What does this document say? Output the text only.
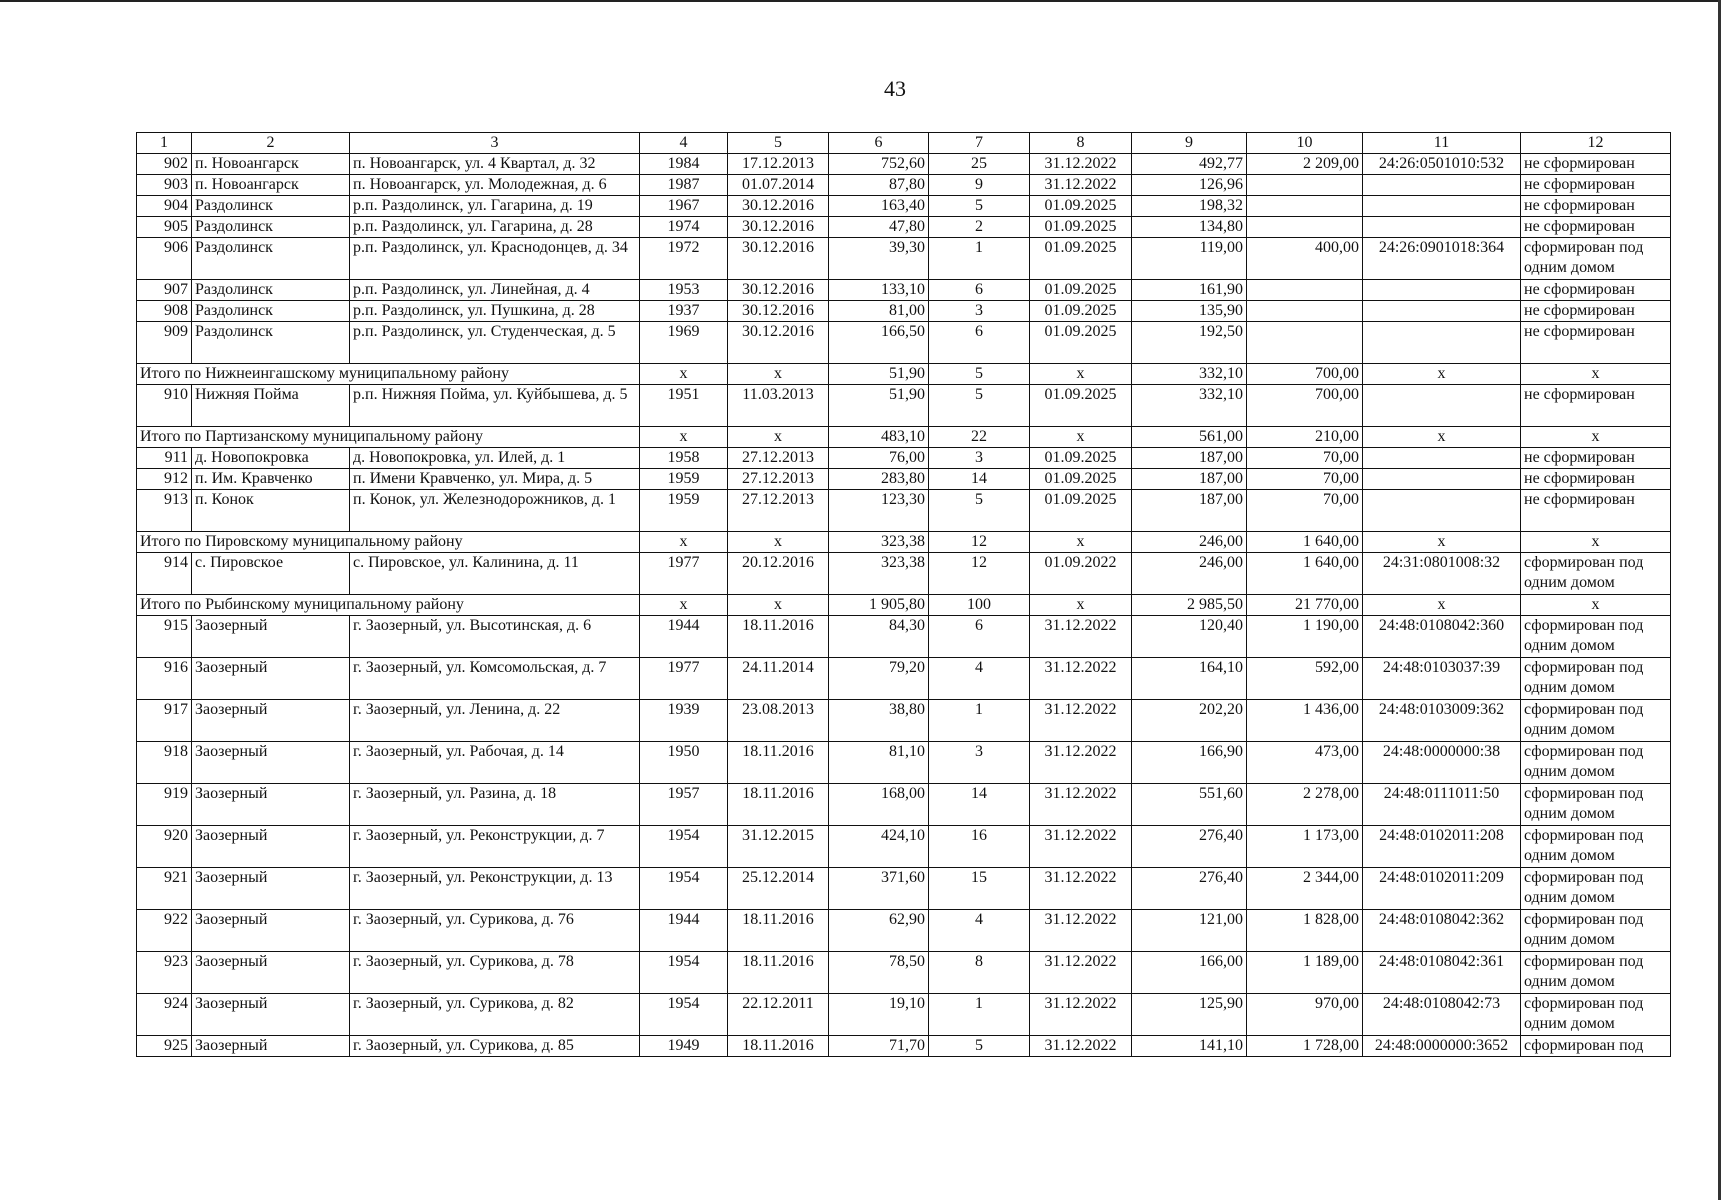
43
1	2	3	4	5	6	7	8	9	10	11	12
902	п. Новоангарск	п. Новоангарск, ул. 4 Квартал, д. 32	1984	17.12.2013	752,60	25	31.12.2022	492,77	2 209,00	24:26:0501010:532	не сформирован
903	п. Новоангарск	п. Новоангарск, ул. Молодежная, д. 6	1987	01.07.2014	87,80	9	31.12.2022	126,96			не сформирован
904	Раздолинск	р.п. Раздолинск, ул. Гагарина, д. 19	1967	30.12.2016	163,40	5	01.09.2025	198,32			не сформирован
905	Раздолинск	р.п. Раздолинск, ул. Гагарина, д. 28	1974	30.12.2016	47,80	2	01.09.2025	134,80			не сформирован
906	Раздолинск	р.п. Раздолинск, ул. Краснодонцев, д. 34	1972	30.12.2016	39,30	1	01.09.2025	119,00	400,00	24:26:0901018:364	сформирован под одним домом
907	Раздолинск	р.п. Раздолинск, ул. Линейная, д. 4	1953	30.12.2016	133,10	6	01.09.2025	161,90			не сформирован
908	Раздолинск	р.п. Раздолинск, ул. Пушкина, д. 28	1937	30.12.2016	81,00	3	01.09.2025	135,90			не сформирован
909	Раздолинск	р.п. Раздолинск, ул. Студенческая, д. 5	1969	30.12.2016	166,50	6	01.09.2025	192,50			не сформирован
Итого по Нижнеингашскому муниципальному району			x	x	51,90	5	x	332,10	700,00	x	x
910	Нижняя Пойма	р.п. Нижняя Пойма, ул. Куйбышева, д. 5	1951	11.03.2013	51,90	5	01.09.2025	332,10	700,00		не сформирован
Итого по Партизанскому муниципальному району			x	x	483,10	22	x	561,00	210,00	x	x
911	д. Новопокровка	д. Новопокровка, ул. Илей, д. 1	1958	27.12.2013	76,00	3	01.09.2025	187,00	70,00		не сформирован
912	п. Им. Кравченко	п. Имени Кравченко, ул. Мира, д. 5	1959	27.12.2013	283,80	14	01.09.2025	187,00	70,00		не сформирован
913	п. Конок	п. Конок, ул. Железнодорожников, д. 1	1959	27.12.2013	123,30	5	01.09.2025	187,00	70,00		не сформирован
Итого по Пировскому муниципальному району			x	x	323,38	12	x	246,00	1 640,00	x	x
914	с. Пировское	с. Пировское, ул. Калинина, д. 11	1977	20.12.2016	323,38	12	01.09.2022	246,00	1 640,00	24:31:0801008:32	сформирован под одним домом
Итого по Рыбинскому муниципальному району			x	x	1 905,80	100	x	2 985,50	21 770,00	x	x
915	Заозерный	г. Заозерный, ул. Высотинская, д. 6	1944	18.11.2016	84,30	6	31.12.2022	120,40	1 190,00	24:48:0108042:360	сформирован под одним домом
916	Заозерный	г. Заозерный, ул. Комсомольская, д. 7	1977	24.11.2014	79,20	4	31.12.2022	164,10	592,00	24:48:0103037:39	сформирован под одним домом
917	Заозерный	г. Заозерный, ул. Ленина, д. 22	1939	23.08.2013	38,80	1	31.12.2022	202,20	1 436,00	24:48:0103009:362	сформирован под одним домом
918	Заозерный	г. Заозерный, ул. Рабочая, д. 14	1950	18.11.2016	81,10	3	31.12.2022	166,90	473,00	24:48:0000000:38	сформирован под одним домом
919	Заозерный	г. Заозерный, ул. Разина, д. 18	1957	18.11.2016	168,00	14	31.12.2022	551,60	2 278,00	24:48:0111011:50	сформирован под одним домом
920	Заозерный	г. Заозерный, ул. Реконструкции, д. 7	1954	31.12.2015	424,10	16	31.12.2022	276,40	1 173,00	24:48:0102011:208	сформирован под одним домом
921	Заозерный	г. Заозерный, ул. Реконструкции, д. 13	1954	25.12.2014	371,60	15	31.12.2022	276,40	2 344,00	24:48:0102011:209	сформирован под одним домом
922	Заозерный	г. Заозерный, ул. Сурикова, д. 76	1944	18.11.2016	62,90	4	31.12.2022	121,00	1 828,00	24:48:0108042:362	сформирован под одним домом
923	Заозерный	г. Заозерный, ул. Сурикова, д. 78	1954	18.11.2016	78,50	8	31.12.2022	166,00	1 189,00	24:48:0108042:361	сформирован под одним домом
924	Заозерный	г. Заозерный, ул. Сурикова, д. 82	1954	22.12.2011	19,10	1	31.12.2022	125,90	970,00	24:48:0108042:73	сформирован под одним домом
925	Заозерный	г. Заозерный, ул. Сурикова, д. 85	1949	18.11.2016	71,70	5	31.12.2022	141,10	1 728,00	24:48:0000000:3652	сформирован под
